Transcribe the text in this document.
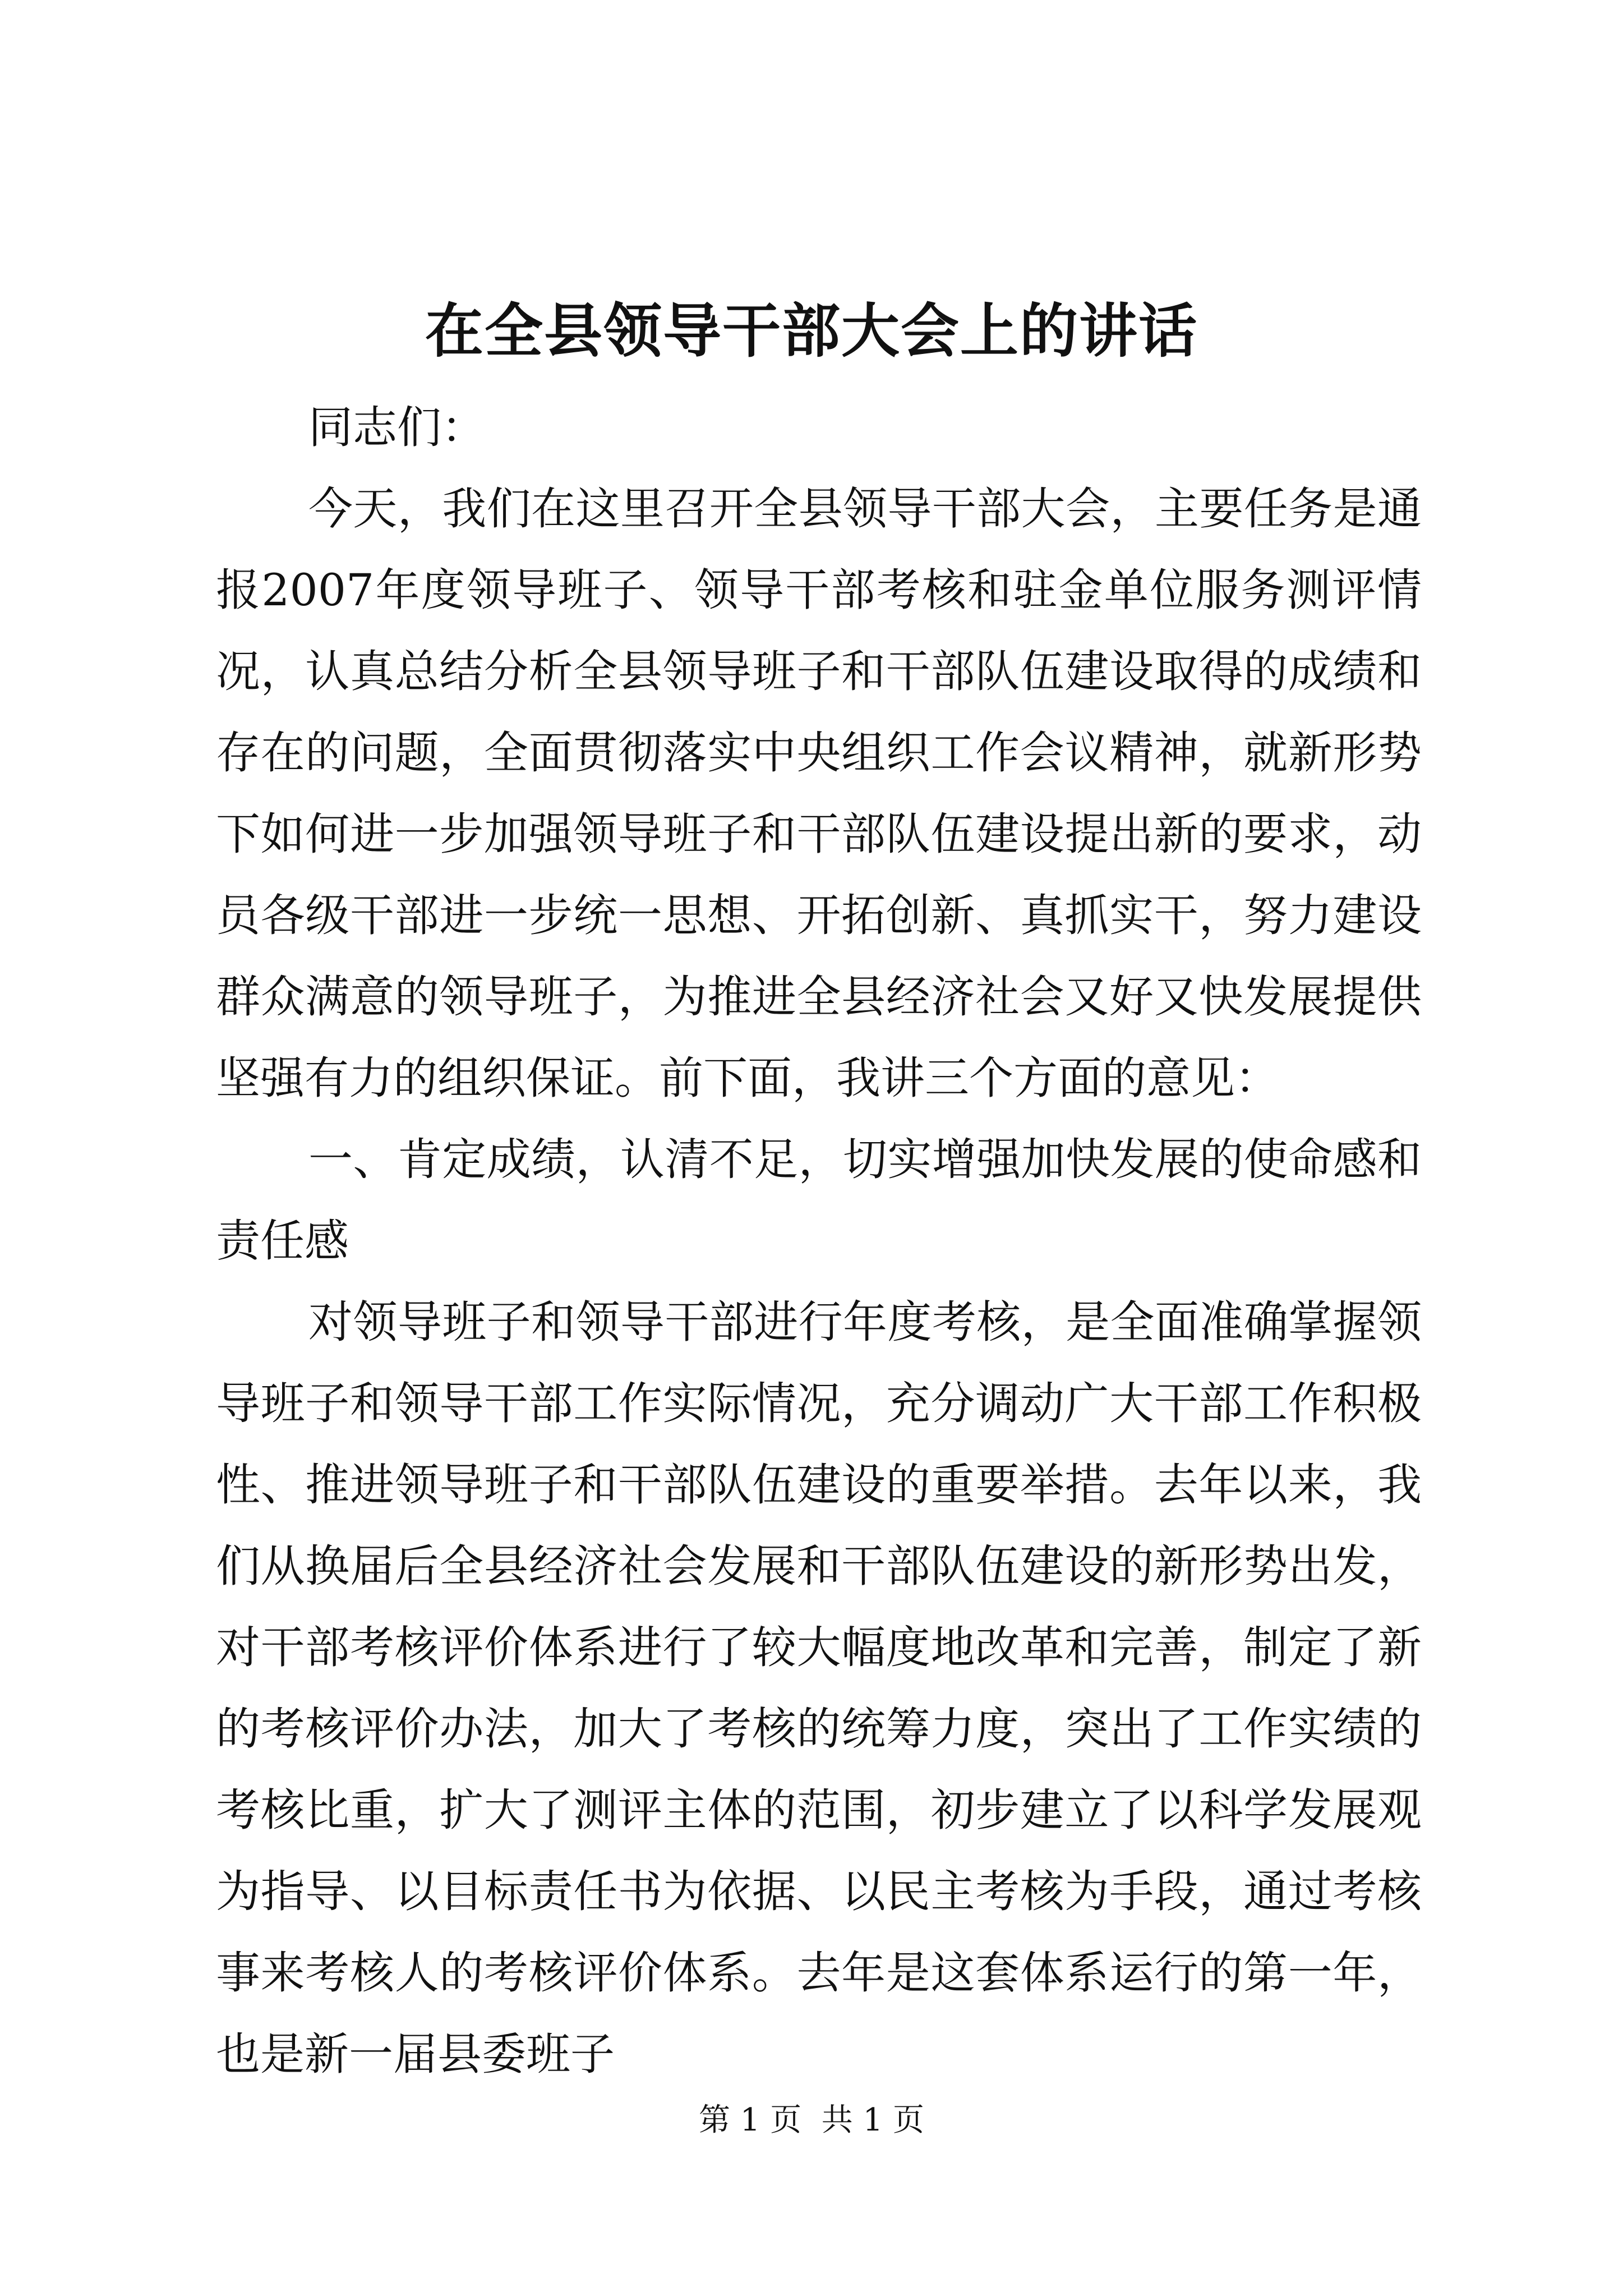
在全县领导干部大会上的讲话

同志们：

今天，我们在这里召开全县领导干部大会，主要任务是通报2007年度领导班子、领导干部考核和驻金单位服务测评情况，认真总结分析全县领导班子和干部队伍建设取得的成绩和存在的问题，全面贯彻落实中央组织工作会议精神，就新形势下如何进一步加强领导班子和干部队伍建设提出新的要求，动员各级干部进一步统一思想、开拓创新、真抓实干，努力建设群众满意的领导班子，为推进全县经济社会又好又快发展提供坚强有力的组织保证。前下面，我讲三个方面的意见：

一、肯定成绩，认清不足，切实增强加快发展的使命感和责任感

对领导班子和领导干部进行年度考核，是全面准确掌握领导班子和领导干部工作实际情况，充分调动广大干部工作积极性、推进领导班子和干部队伍建设的重要举措。去年以来，我们从换届后全县经济社会发展和干部队伍建设的新形势出发，对干部考核评价体系进行了较大幅度地改革和完善，制定了新的考核评价办法，加大了考核的统筹力度，突出了工作实绩的考核比重，扩大了测评主体的范围，初步建立了以科学发展观为指导、以目标责任书为依据、以民主考核为手段，通过考核事来考核人的考核评价体系。去年是这套体系运行的第一年，也是新一届县委班子

第 1 页  共 1 页
